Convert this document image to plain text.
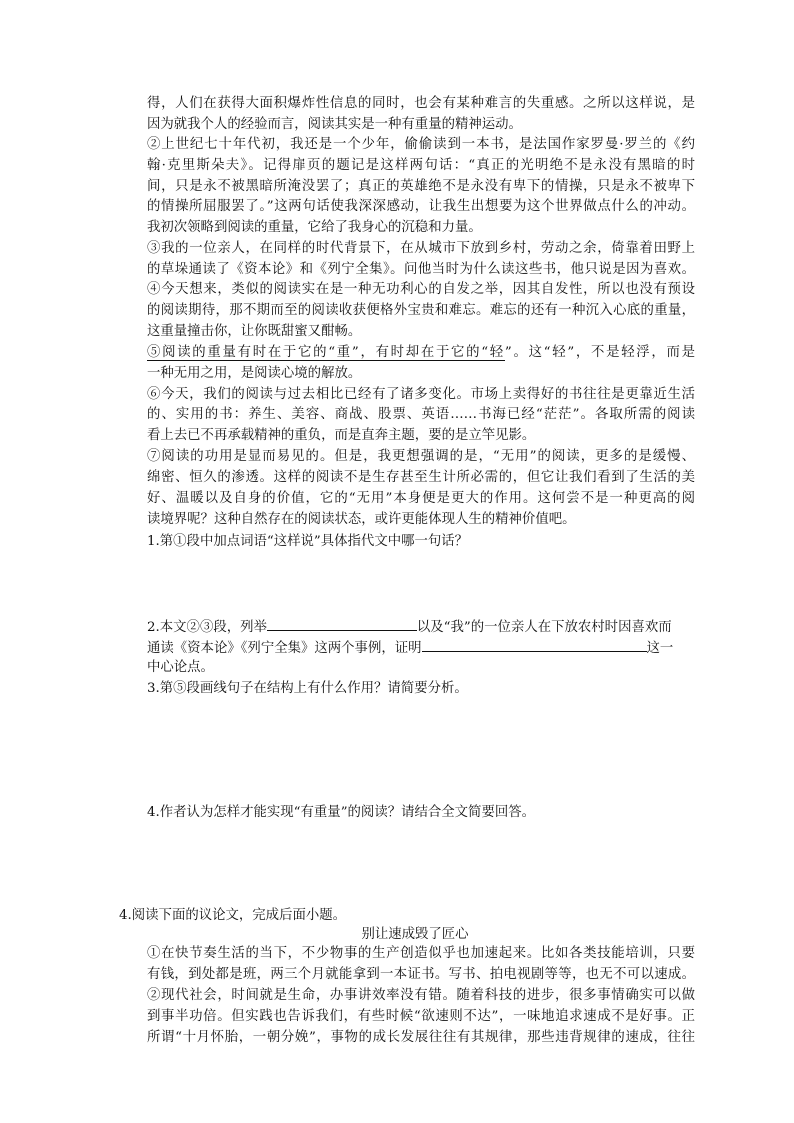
得，人们在获得大面积爆炸性信息的同时，也会有某种难言的失重感。之所以这样说，是
因为就我个人的经验而言，阅读其实是一种有重量的精神运动。
②上世纪七十年代初，我还是一个少年，偷偷读到一本书，是法国作家罗曼·罗兰的《约
翰·克里斯朵夫》。记得扉页的题记是这样两句话：“真正的光明绝不是永没有黑暗的时
间，只是永不被黑暗所淹没罢了；真正的英雄绝不是永没有卑下的情操，只是永不被卑下
的情操所屈服罢了。”这两句话使我深深感动，让我生出想要为这个世界做点什么的冲动。
我初次领略到阅读的重量，它给了我身心的沉稳和力量。
③我的一位亲人，在同样的时代背景下，在从城市下放到乡村，劳动之余，倚靠着田野上
的草垛通读了《资本论》和《列宁全集》。问他当时为什么读这些书，他只说是因为喜欢。
④今天想来，类似的阅读实在是一种无功利心的自发之举，因其自发性，所以也没有预设
的阅读期待，那不期而至的阅读收获便格外宝贵和难忘。难忘的还有一种沉入心底的重量，
这重量撞击你，让你既甜蜜又酣畅。
⑤阅读的重量有时在于它的“重”，有时却在于它的“轻”。这“轻”，不是轻浮，而是
一种无用之用，是阅读心境的解放。
⑥今天，我们的阅读与过去相比已经有了诸多变化。市场上卖得好的书往往是更靠近生活
的、实用的书：养生、美容、商战、股票、英语……书海已经“茫茫”。各取所需的阅读
看上去已不再承载精神的重负，而是直奔主题，要的是立竿见影。
⑦阅读的功用是显而易见的。但是，我更想强调的是，“无用”的阅读，更多的是缓慢、
绵密、恒久的渗透。这样的阅读不是生存甚至生计所必需的，但它让我们看到了生活的美
好、温暖以及自身的价值，它的“无用”本身便是更大的作用。这何尝不是一种更高的阅
读境界呢？这种自然存在的阅读状态，或许更能体现人生的精神价值吧。
1.第①段中加点词语“这样说”具体指代文中哪一句话？
2.本文②③段，列举	以及“我”的一位亲人在下放农村时因喜欢而
通读《资本论》《列宁全集》这两个事例，证明	这一
中心论点。
3.第⑤段画线句子在结构上有什么作用？请简要分析。
4.作者认为怎样才能实现“有重量”的阅读？请结合全文简要回答。
4.阅读下面的议论文，完成后面小题。
别让速成毁了匠心
①在快节奏生活的当下，不少物事的生产创造似乎也加速起来。比如各类技能培训，只要
有钱，到处都是班，两三个月就能拿到一本证书。写书、拍电视剧等等，也无不可以速成。
②现代社会，时间就是生命，办事讲效率没有错。随着科技的进步，很多事情确实可以做
到事半功倍。但实践也告诉我们，有些时候“欲速则不达”，一味地追求速成不是好事。正
所谓“十月怀胎，一朝分娩”，事物的成长发展往往有其规律，那些违背规律的速成，往往
